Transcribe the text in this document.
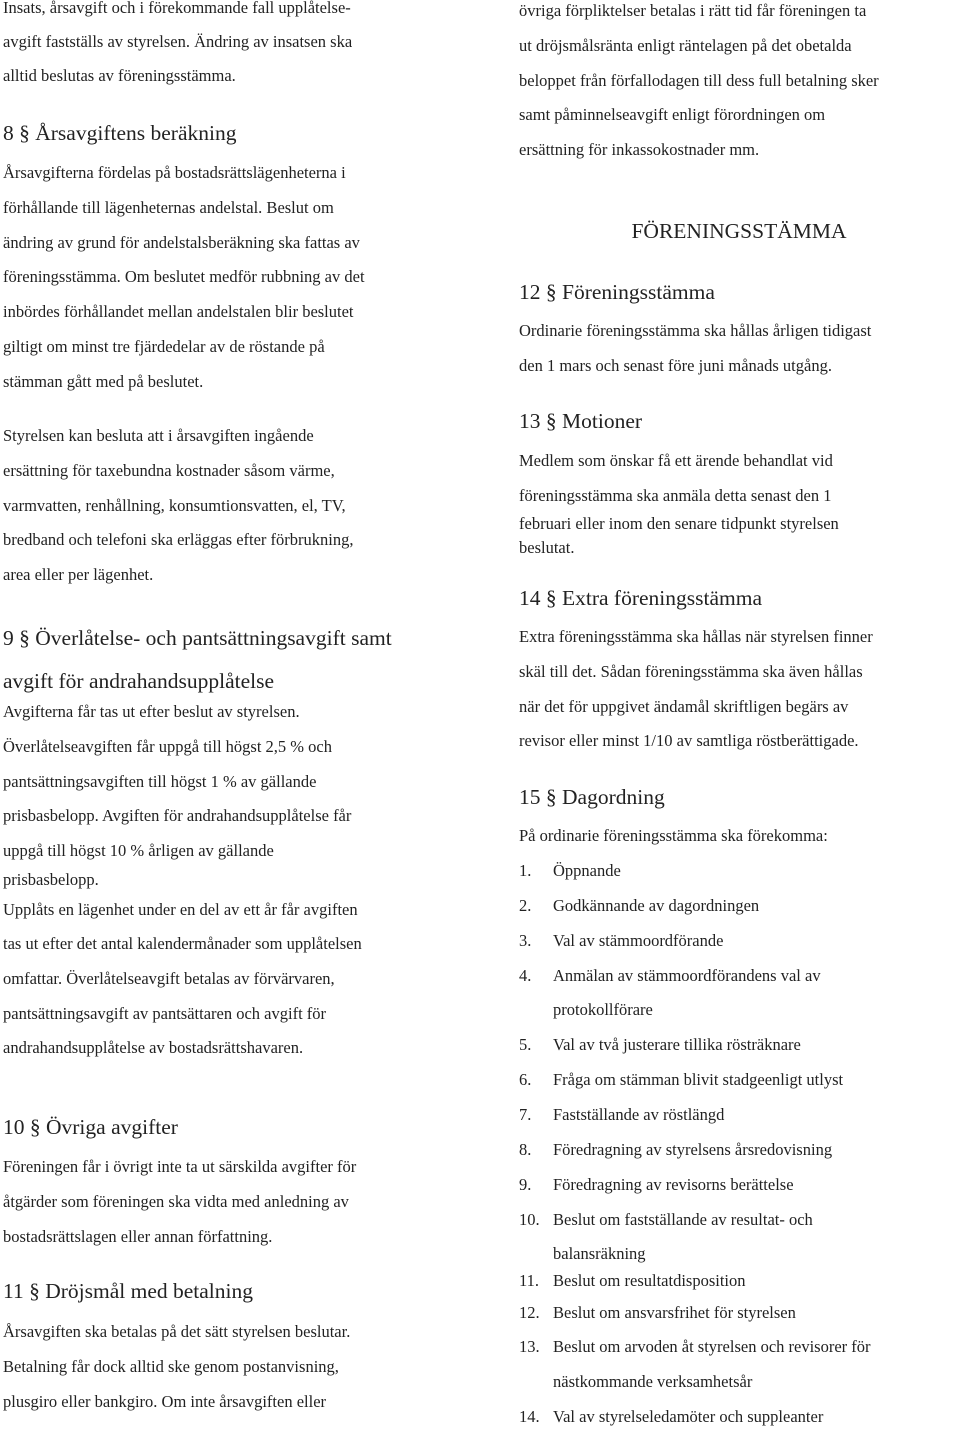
Insats, årsavgift och i förekommande fall upplåtelse-
avgift fastställs av styrelsen. Ändring av insatsen ska
alltid beslutas av föreningsstämma.
8 § Årsavgiftens beräkning
Årsavgifterna fördelas på bostadsrättslägenheterna i
förhållande till lägenheternas andelstal. Beslut om
ändring av grund för andelstalsberäkning ska fattas av
föreningsstämma. Om beslutet medför rubbning av det
inbördes förhållandet mellan andelstalen blir beslutet
giltigt om minst tre fjärdedelar av de röstande på
stämman gått med på beslutet.
Styrelsen kan besluta att i årsavgiften ingående
ersättning för taxebundna kostnader såsom värme,
varmvatten, renhållning, konsumtionsvatten, el, TV,
bredband och telefoni ska erläggas efter förbrukning,
area eller per lägenhet.
9 § Överlåtelse- och pantsättningsavgift samt
avgift för andrahandsupplåtelse
Avgifterna får tas ut efter beslut av styrelsen.
Överlåtelseavgiften får uppgå till högst 2,5 % och
pantsättningsavgiften till högst 1 % av gällande
prisbasbelopp. Avgiften för andrahandsupplåtelse får
uppgå till högst 10 % årligen av gällande
prisbasbelopp.
Upplåts en lägenhet under en del av ett år får avgiften
tas ut efter det antal kalendermånader som upplåtelsen
omfattar. Överlåtelseavgift betalas av förvärvaren,
pantsättningsavgift av pantsättaren och avgift för
andrahandsupplåtelse av bostadsrättshavaren.
10 § Övriga avgifter
Föreningen får i övrigt inte ta ut särskilda avgifter för
åtgärder som föreningen ska vidta med anledning av
bostadsrättslagen eller annan författning.
11 § Dröjsmål med betalning
Årsavgiften ska betalas på det sätt styrelsen beslutar.
Betalning får dock alltid ske genom postanvisning,
plusgiro eller bankgiro. Om inte årsavgiften eller
övriga förpliktelser betalas i rätt tid får föreningen ta
ut dröjsmålsränta enligt räntelagen på det obetalda
beloppet från förfallodagen till dess full betalning sker
samt påminnelseavgift enligt förordningen om
ersättning för inkassokostnader mm.
FÖRENINGSSTÄMMA
12 § Föreningsstämma
Ordinarie föreningsstämma ska hållas årligen tidigast
den 1 mars och senast före juni månads utgång.
13 § Motioner
Medlem som önskar få ett ärende behandlat vid
föreningsstämma ska anmäla detta senast den 1
februari eller inom den senare tidpunkt styrelsen
beslutat.
14 § Extra föreningsstämma
Extra föreningsstämma ska hållas när styrelsen finner
skäl till det. Sådan föreningsstämma ska även hållas
när det för uppgivet ändamål skriftligen begärs av
revisor eller minst 1/10 av samtliga röstberättigade.
15 § Dagordning
På ordinarie föreningsstämma ska förekomma:
1. Öppnande
2. Godkännande av dagordningen
3. Val av stämmoordförande
4. Anmälan av stämmoordförandens val av
protokollförare
5. Val av två justerare tillika rösträknare
6. Fråga om stämman blivit stadgeenligt utlyst
7. Fastställande av röstlängd
8. Föredragning av styrelsens årsredovisning
9. Föredragning av revisorns berättelse
10. Beslut om fastställande av resultat- och
balansräkning
11. Beslut om resultatdisposition
12. Beslut om ansvarsfrihet för styrelsen
13. Beslut om arvoden åt styrelsen och revisorer för
nästkommande verksamhetsår
14. Val av styrelseledamöter och suppleanter
